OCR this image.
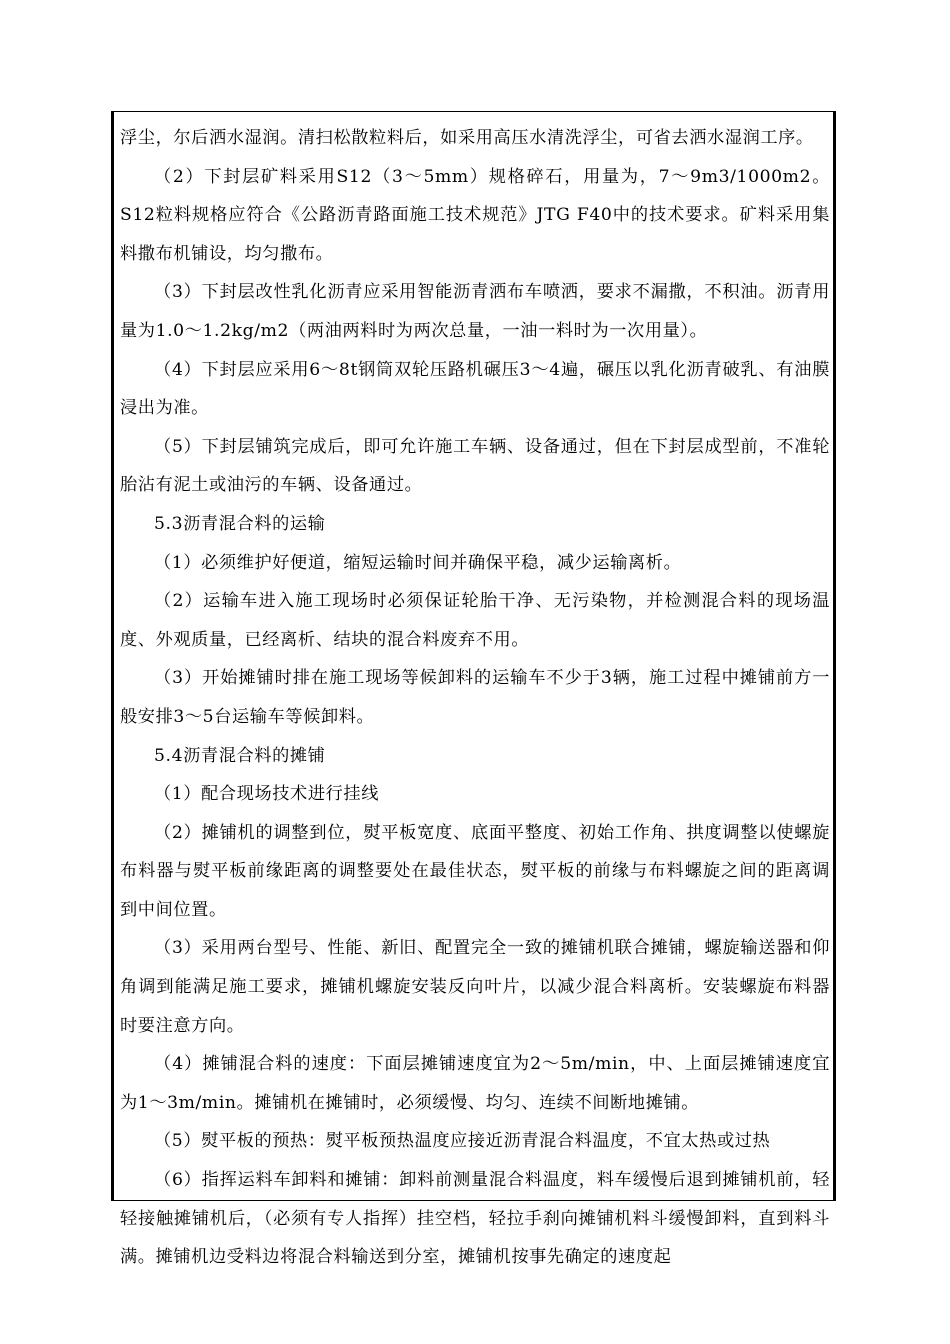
浮尘，尔后洒水湿润。清扫松散粒料后，如采用高压水清洗浮尘，可省去洒水湿润工序。

（2）下封层矿料采用S12（3～5mm）规格碎石，用量为，7～9m3/1000m2。S12粒料规格应符合《公路沥青路面施工技术规范》JTG F40中的技术要求。矿料采用集料撒布机铺设，均匀撒布。

（3）下封层改性乳化沥青应采用智能沥青洒布车喷洒，要求不漏撒，不积油。沥青用量为1.0～1.2kg/m2（两油两料时为两次总量，一油一料时为一次用量）。

（4）下封层应采用6～8t钢筒双轮压路机碾压3～4遍，碾压以乳化沥青破乳、有油膜浸出为准。

（5）下封层铺筑完成后，即可允许施工车辆、设备通过，但在下封层成型前，不准轮胎沾有泥土或油污的车辆、设备通过。

5.3沥青混合料的运输

（1）必须维护好便道，缩短运输时间并确保平稳，减少运输离析。

（2）运输车进入施工现场时必须保证轮胎干净、无污染物，并检测混合料的现场温度、外观质量，已经离析、结块的混合料废弃不用。

（3）开始摊铺时排在施工现场等候卸料的运输车不少于3辆，施工过程中摊铺前方一般安排3～5台运输车等候卸料。

5.4沥青混合料的摊铺

（1）配合现场技术进行挂线

（2）摊铺机的调整到位，熨平板宽度、底面平整度、初始工作角、拱度调整以使螺旋布料器与熨平板前缘距离的调整要处在最佳状态，熨平板的前缘与布料螺旋之间的距离调到中间位置。

（3）采用两台型号、性能、新旧、配置完全一致的摊铺机联合摊铺，螺旋输送器和仰角调到能满足施工要求，摊铺机螺旋安装反向叶片，以减少混合料离析。安装螺旋布料器时要注意方向。

（4）摊铺混合料的速度：下面层摊铺速度宜为2～5m/min，中、上面层摊铺速度宜为1～3m/min。摊铺机在摊铺时，必须缓慢、均匀、连续不间断地摊铺。

（5）熨平板的预热：熨平板预热温度应接近沥青混合料温度，不宜太热或过热

（6）指挥运料车卸料和摊铺：卸料前测量混合料温度，料车缓慢后退到摊铺机前，轻轻接触摊铺机后，（必须有专人指挥）挂空档，轻拉手刹向摊铺机料斗缓慢卸料，直到料斗满。摊铺机边受料边将混合料输送到分室，摊铺机按事先确定的速度起
